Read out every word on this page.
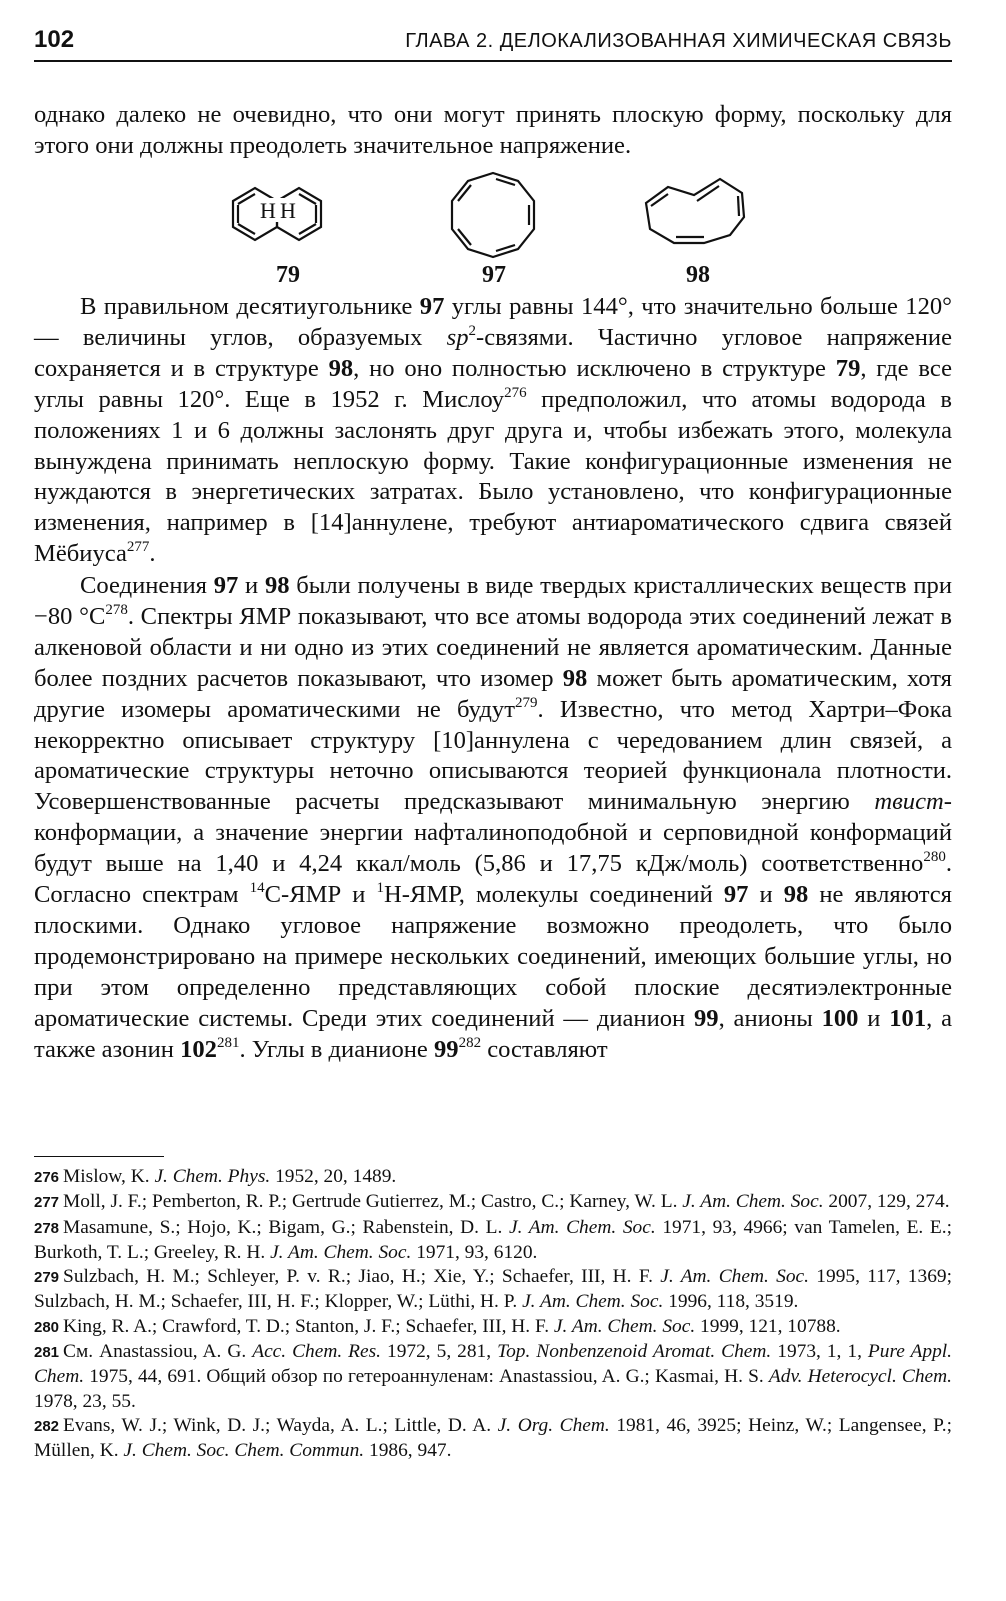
102	ГЛАВА 2. ДЕЛОКАЛИЗОВАННАЯ ХИМИЧЕСКАЯ СВЯЗЬ

однако далеко не очевидно, что они могут принять плоскую форму, поскольку для этого они должны преодолеть значительное напряжение.

H H
79	97	98

В правильном десятиугольнике 97 углы равны 144°, что значительно больше 120° — величины углов, образуемых $sp^2$-связями. Частично угловое напряжение сохраняется и в структуре 98, но оно полностью исключено в структуре 79, где все углы равны 120°. Еще в 1952 г. Мислоу$^{276}$ предположил, что атомы водорода в положениях 1 и 6 должны заслонять друг друга и, чтобы избежать этого, молекула вынуждена принимать неплоскую форму. Такие конфигурационные изменения не нуждаются в энергетических затратах. Было установлено, что конфигурационные изменения, например в [14]аннулене, требуют антиароматического сдвига связей Мёбиуса$^{277}$.

Соединения 97 и 98 были получены в виде твердых кристаллических веществ при −80 $^\circ C^{278}$. Спектры ЯМР показывают, что все атомы водорода этих соединений лежат в алкеновой области и ни одно из этих соединений не является ароматическим. Данные более поздних расчетов показывают, что изомер 98 может быть ароматическим, хотя другие изомеры ароматическими не будут$^{279}$. Известно, что метод Хартри–Фока некорректно описывает структуру [10]аннулена с чередованием длин связей, а ароматические структуры неточно описываются теорией функционала плотности. Усовершенствованные расчеты предсказывают минимальную энергию твист-конформации, а значение энергии нафталиноподобной и серповидной конформаций будут выше на 1,40 и 4,24 ккал/моль (5,86 и 17,75 кДж/моль) соответственно$^{280}$. Согласно спектрам $^{14}$C-ЯМР и $^1$H-ЯМР, молекулы соединений 97 и 98 не являются плоскими. Однако угловое напряжение возможно преодолеть, что было продемонстрировано на примере нескольких соединений, имеющих большие углы, но при этом определенно представляющих собой плоские десятиэлектронные ароматические системы. Среди этих соединений — дианион 99, анионы 100 и 101, а также азонин $102^{281}$. Углы в дианионе $99^{282}$ составляют

276 Mislow, K. J. Chem. Phys. 1952, 20, 1489.

277 Moll, J. F.; Pemberton, R. P.; Gertrude Gutierrez, M.; Castro, C.; Karney, W. L. J. Am. Chem. Soc. 2007, 129, 274.

278 Masamune, S.; Hojo, K.; Bigam, G.; Rabenstein, D. L. J. Am. Chem. Soc. 1971, 93, 4966; van Tamelen, E. E.; Burkoth, T. L.; Greeley, R. H. J. Am. Chem. Soc. 1971, 93, 6120.

279 Sulzbach, H. M.; Schleyer, P. v. R.; Jiao, H.; Xie, Y.; Schaefer, III, H. F. J. Am. Chem. Soc. 1995, 117, 1369; Sulzbach, H. M.; Schaefer, III, H. F.; Klopper, W.; Lüthi, H. P. J. Am. Chem. Soc. 1996, 118, 3519.

280 King, R. A.; Crawford, T. D.; Stanton, J. F.; Schaefer, III, H. F. J. Am. Chem. Soc. 1999, 121, 10788.

281 См. Anastassiou, A. G. Acc. Chem. Res. 1972, 5, 281, Top. Nonbenzenoid Aromat. Chem. 1973, 1, 1, Pure Appl. Chem. 1975, 44, 691. Общий обзор по гетероаннуленам: Anastassiou, A. G.; Kasmai, H. S. Adv. Heterocycl. Chem. 1978, 23, 55.

282 Evans, W. J.; Wink, D. J.; Wayda, A. L.; Little, D. A. J. Org. Chem. 1981, 46, 3925; Heinz, W.; Langensee, P.; Müllen, K. J. Chem. Soc. Chem. Commun. 1986, 947.
